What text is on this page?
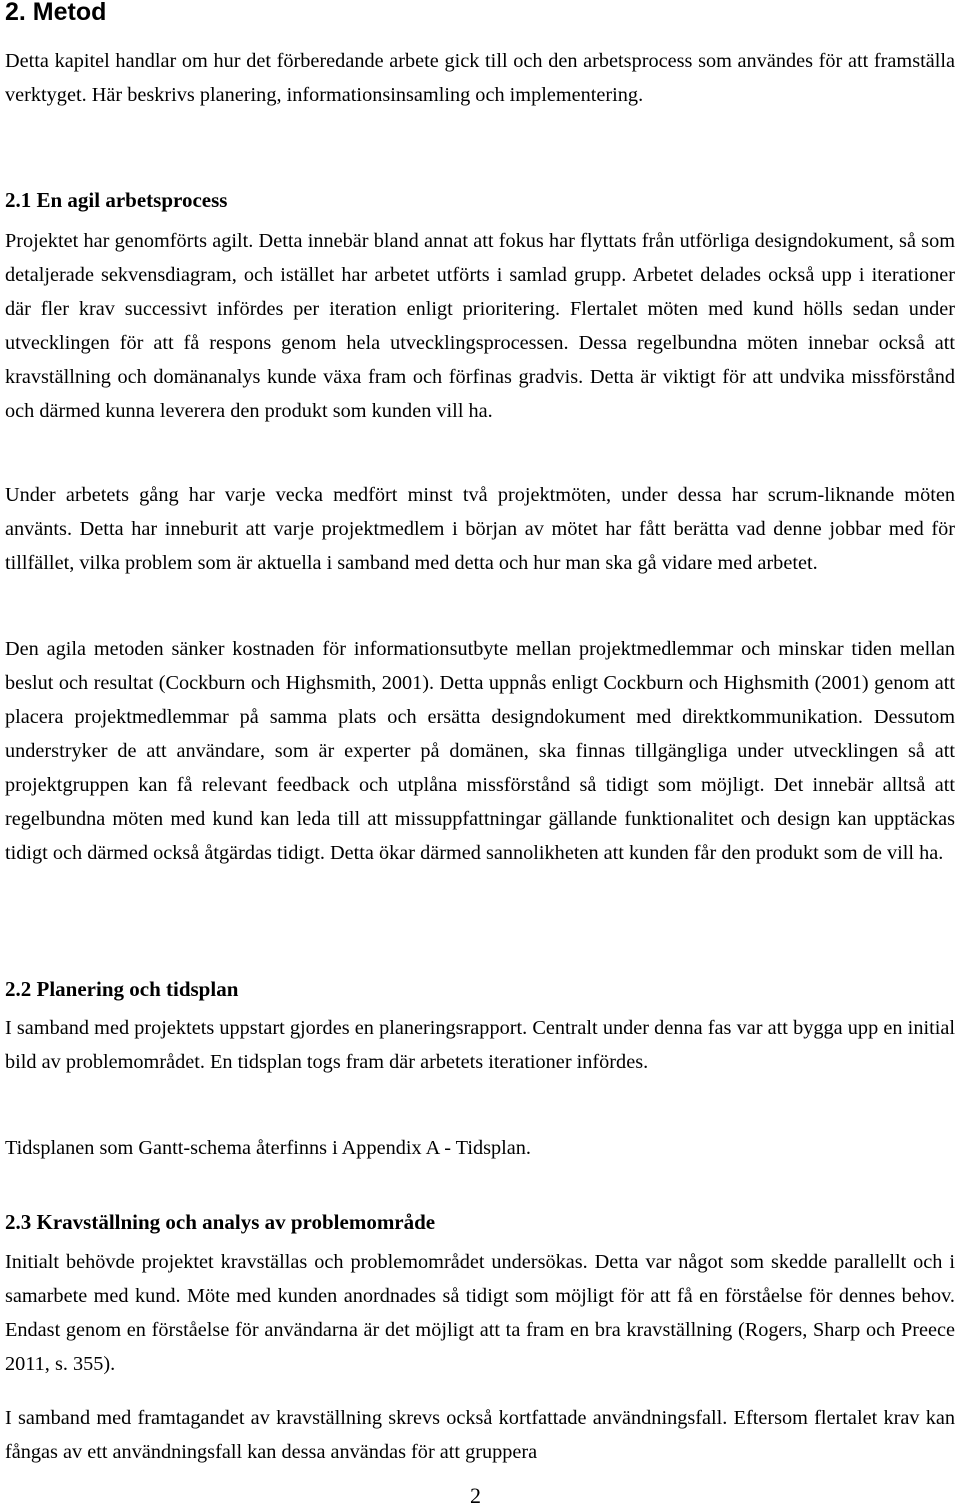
2. Metod

Detta kapitel handlar om hur det förberedande arbete gick till och den arbetsprocess som användes för att framställa verktyget. Här beskrivs planering, informationsinsamling och implementering.

2.1 En agil arbetsprocess

Projektet har genomförts agilt. Detta innebär bland annat att fokus har flyttats från utförliga designdokument, så som detaljerade sekvensdiagram, och istället har arbetet utförts i samlad grupp. Arbetet delades också upp i iterationer där fler krav successivt infördes per iteration enligt prioritering. Flertalet möten med kund hölls sedan under utvecklingen för att få respons genom hela utvecklingsprocessen. Dessa regelbundna möten innebar också att kravställning och domänanalys kunde växa fram och förfinas gradvis. Detta är viktigt för att undvika missförstånd och därmed kunna leverera den produkt som kunden vill ha.

Under arbetets gång har varje vecka medfört minst två projektmöten, under dessa har scrum-liknande möten använts. Detta har inneburit att varje projektmedlem i början av mötet har fått berätta vad denne jobbar med för tillfället, vilka problem som är aktuella i samband med detta och hur man ska gå vidare med arbetet.

Den agila metoden sänker kostnaden för informationsutbyte mellan projektmedlemmar och minskar tiden mellan beslut och resultat (Cockburn och Highsmith, 2001). Detta uppnås enligt Cockburn och Highsmith (2001) genom att placera projektmedlemmar på samma plats och ersätta designdokument med direktkommunikation. Dessutom understryker de att användare, som är experter på domänen, ska finnas tillgängliga under utvecklingen så att projektgruppen kan få relevant feedback och utplåna missförstånd så tidigt som möjligt. Det innebär alltså att regelbundna möten med kund kan leda till att missuppfattningar gällande funktionalitet och design kan upptäckas tidigt och därmed också åtgärdas tidigt. Detta ökar därmed sannolikheten att kunden får den produkt som de vill ha.

2.2 Planering och tidsplan

I samband med projektets uppstart gjordes en planeringsrapport. Centralt under denna fas var att bygga upp en initial bild av problemområdet. En tidsplan togs fram där arbetets iterationer infördes.

Tidsplanen som Gantt-schema återfinns i Appendix A - Tidsplan.

2.3 Kravställning och analys av problemområde

Initialt behövde projektet kravställas och problemområdet undersökas. Detta var något som skedde parallellt och i samarbete med kund. Möte med kunden anordnades så tidigt som möjligt för att få en förståelse för dennes behov. Endast genom en förståelse för användarna är det möjligt att ta fram en bra kravställning (Rogers, Sharp och Preece 2011, s. 355).

I samband med framtagandet av kravställning skrevs också kortfattade användningsfall. Eftersom flertalet krav kan fångas av ett användningsfall kan dessa användas för att gruppera

2
